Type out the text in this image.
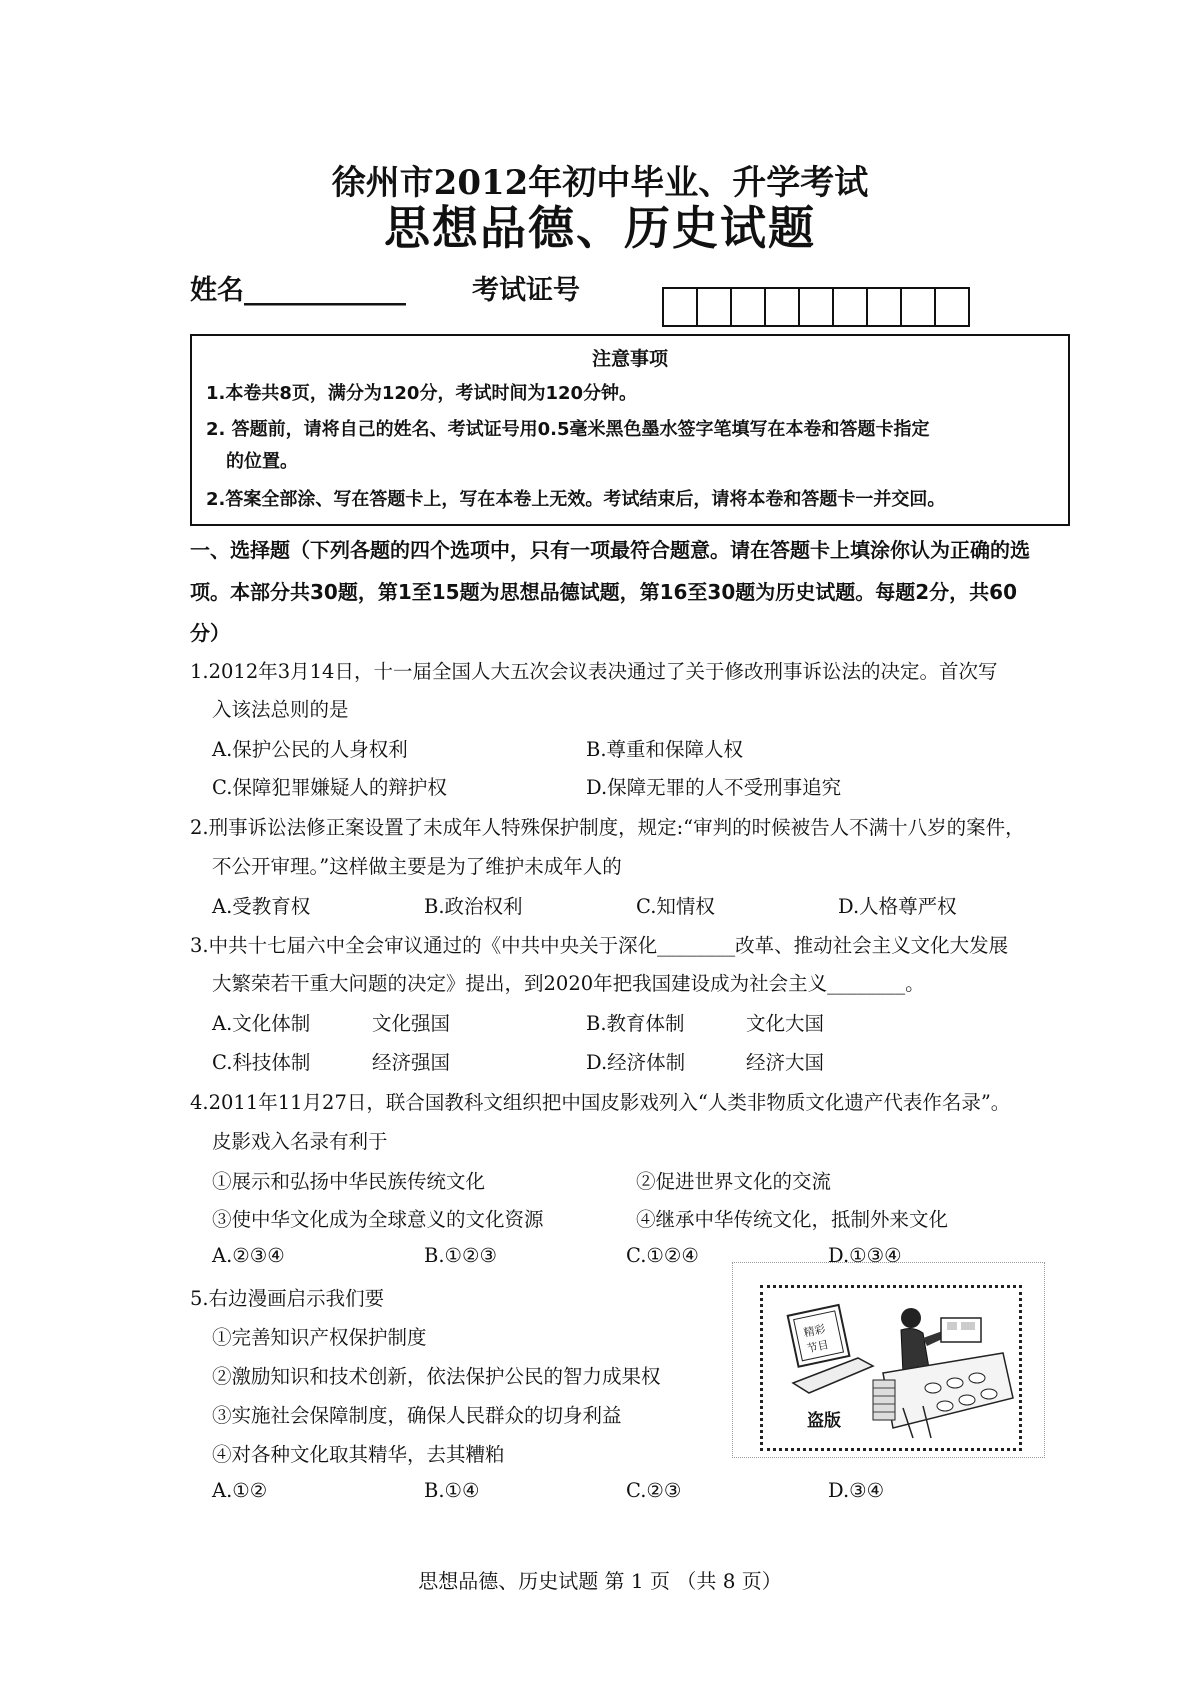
徐州市2012年初中毕业、升学考试
思想品德、历史试题
姓名____________ 考试证号
注意事项
1.本卷共8页，满分为120分，考试时间为120分钟。
2. 答题前，请将自己的姓名、考试证号用0.5毫米黑色墨水签字笔填写在本卷和答题卡指定
的位置。
2.答案全部涂、写在答题卡上，写在本卷上无效。考试结束后，请将本卷和答题卡一并交回。
一、选择题（下列各题的四个选项中，只有一项最符合题意。请在答题卡上填涂你认为正确的选
项。本部分共30题，第1至15题为思想品德试题，第16至30题为历史试题。每题2分，共60
分）
1.2012年3月14日，十一届全国人大五次会议表决通过了关于修改刑事诉讼法的决定。首次写
入该法总则的是
A.保护公民的人身权利	B.尊重和保障人权
C.保障犯罪嫌疑人的辩护权	D.保障无罪的人不受刑事追究
2.刑事诉讼法修正案设置了未成年人特殊保护制度，规定:“审判的时候被告人不满十八岁的案件，
不公开审理。”这样做主要是为了维护未成年人的
A.受教育权	B.政治权利	C.知情权	D.人格尊严权
3.中共十七届六中全会审议通过的《中共中央关于深化________改革、推动社会主义文化大发展
大繁荣若干重大问题的决定》提出，到2020年把我国建设成为社会主义________。
A.文化体制	文化强国	B.教育体制	文化大国
C.科技体制	经济强国	D.经济体制	经济大国
4.2011年11月27日，联合国教科文组织把中国皮影戏列入“人类非物质文化遗产代表作名录”。
皮影戏入名录有利于
①展示和弘扬中华民族传统文化	②促进世界文化的交流
③使中华文化成为全球意义的文化资源	④继承中华传统文化，抵制外来文化
A.②③④	B.①②③	C.①②④	D.①③④
5.右边漫画启示我们要
①完善知识产权保护制度
②激励知识和技术创新，依法保护公民的智力成果权
③实施社会保障制度，确保人民群众的切身利益
④对各种文化取其精华，去其糟粕
A.①②	B.①④	C.②③	D.③④
精彩
节目
盗版
思想品德、历史试题 第 1 页 （共 8 页）
